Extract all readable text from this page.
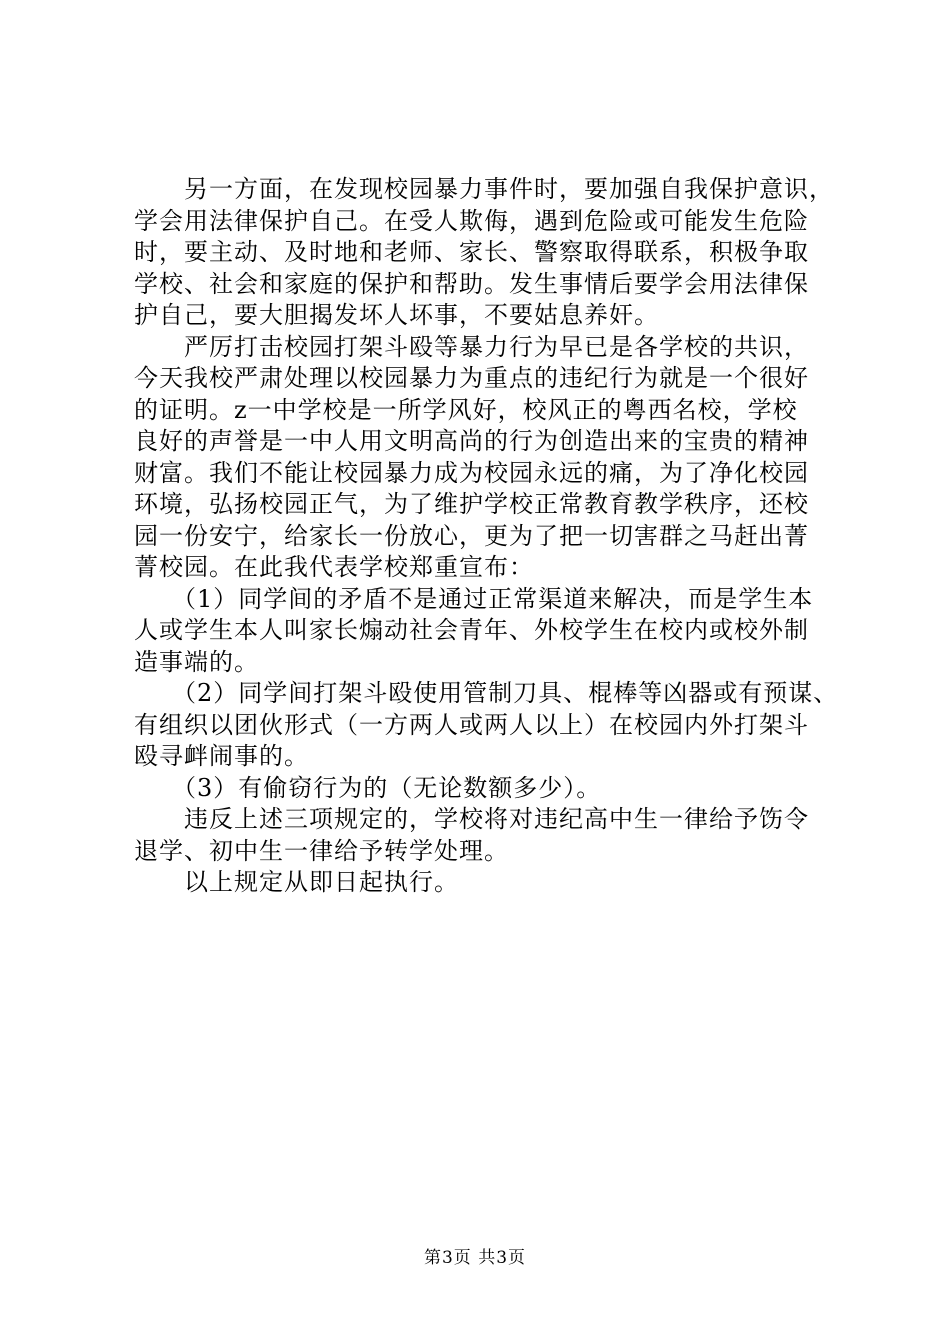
　　另一方面，在发现校园暴力事件时，要加强自我保护意识，
学会用法律保护自己。在受人欺侮，遇到危险或可能发生危险
时，要主动、及时地和老师、家长、警察取得联系，积极争取
学校、社会和家庭的保护和帮助。发生事情后要学会用法律保
护自己，要大胆揭发坏人坏事，不要姑息养奸。
　　严厉打击校园打架斗殴等暴力行为早已是各学校的共识，
今天我校严肃处理以校园暴力为重点的违纪行为就是一个很好
的证明。z一中学校是一所学风好，校风正的粤西名校，学校
良好的声誉是一中人用文明高尚的行为创造出来的宝贵的精神
财富。我们不能让校园暴力成为校园永远的痛，为了净化校园
环境，弘扬校园正气，为了维护学校正常教育教学秩序，还校
园一份安宁，给家长一份放心，更为了把一切害群之马赶出菁
菁校园。在此我代表学校郑重宣布：
　　（1）同学间的矛盾不是通过正常渠道来解决，而是学生本
人或学生本人叫家长煽动社会青年、外校学生在校内或校外制
造事端的。
　　（2）同学间打架斗殴使用管制刀具、棍棒等凶器或有预谋、
有组织以团伙形式（一方两人或两人以上）在校园内外打架斗
殴寻衅闹事的。
　　（3）有偷窃行为的（无论数额多少）。
　　违反上述三项规定的，学校将对违纪高中生一律给予饬令
退学、初中生一律给予转学处理。
　　以上规定从即日起执行。
第3页 共3页
